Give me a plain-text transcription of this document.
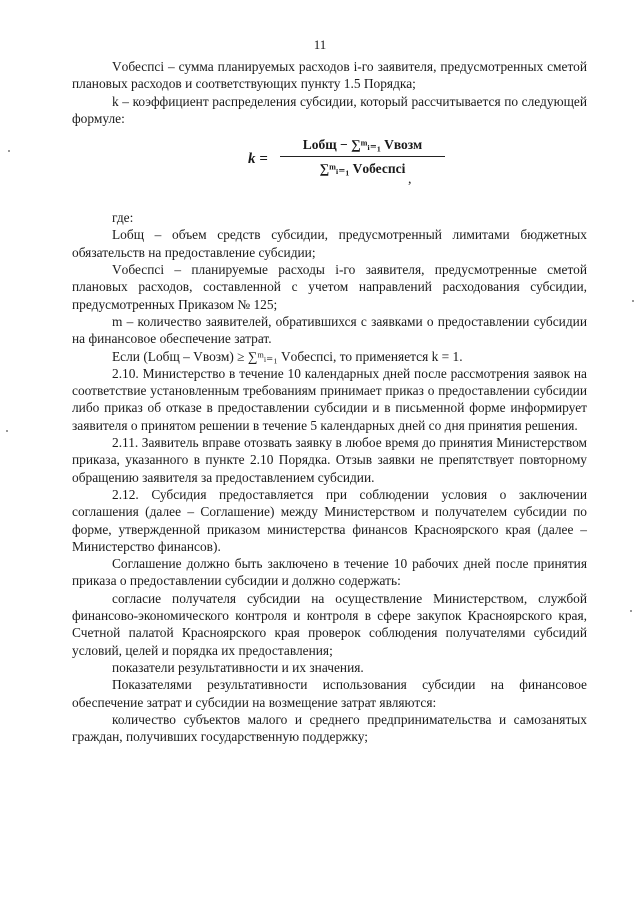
11

Vобеспсi – сумма планируемых расходов i-го заявителя, предусмотренных сметой плановых расходов и соответствующих пункту 1.5 Порядка;

k – коэффициент распределения субсидии, который рассчитывается по следующей формуле:

k =
Lобщ − ∑ᵐᵢ₌₁ Vвозм
∑ᵐᵢ₌₁ Vобеспсi
,

где:

Lобщ – объем средств субсидии, предусмотренный лимитами бюджетных обязательств на предоставление субсидии;

Vобеспсi – планируемые расходы i-го заявителя, предусмотренные сметой плановых расходов, составленной с учетом направлений расходования субсидии, предусмотренных Приказом № 125;

m – количество заявителей, обратившихся с заявками о предоставлении субсидии на финансовое обеспечение затрат.

Если (Lобщ – Vвозм) ≥ ∑ᵐᵢ₌₁ Vобеспсi, то применяется k = 1.

2.10. Министерство в течение 10 календарных дней после рассмотрения заявок на соответствие установленным требованиям принимает приказ о предоставлении субсидии либо приказ об отказе в предоставлении субсидии и в письменной форме информирует заявителя о принятом решении в течение 5 календарных дней со дня принятия решения.

2.11. Заявитель вправе отозвать заявку в любое время до принятия Министерством приказа, указанного в пункте 2.10 Порядка. Отзыв заявки не препятствует повторному обращению заявителя за предоставлением субсидии.

2.12. Субсидия предоставляется при соблюдении условия о заключении соглашения (далее – Соглашение) между Министерством и получателем субсидии по форме, утвержденной приказом министерства финансов Красноярского края (далее – Министерство финансов).

Соглашение должно быть заключено в течение 10 рабочих дней после принятия приказа о предоставлении субсидии и должно содержать:

согласие получателя субсидии на осуществление Министерством, службой финансово-экономического контроля и контроля в сфере закупок Красноярского края, Счетной палатой Красноярского края проверок соблюдения получателями субсидий условий, целей и порядка их предоставления;

показатели результативности и их значения.

Показателями результативности использования субсидии на финансовое обеспечение затрат и субсидии на возмещение затрат являются:

количество субъектов малого и среднего предпринимательства и самозанятых граждан, получивших государственную поддержку;
